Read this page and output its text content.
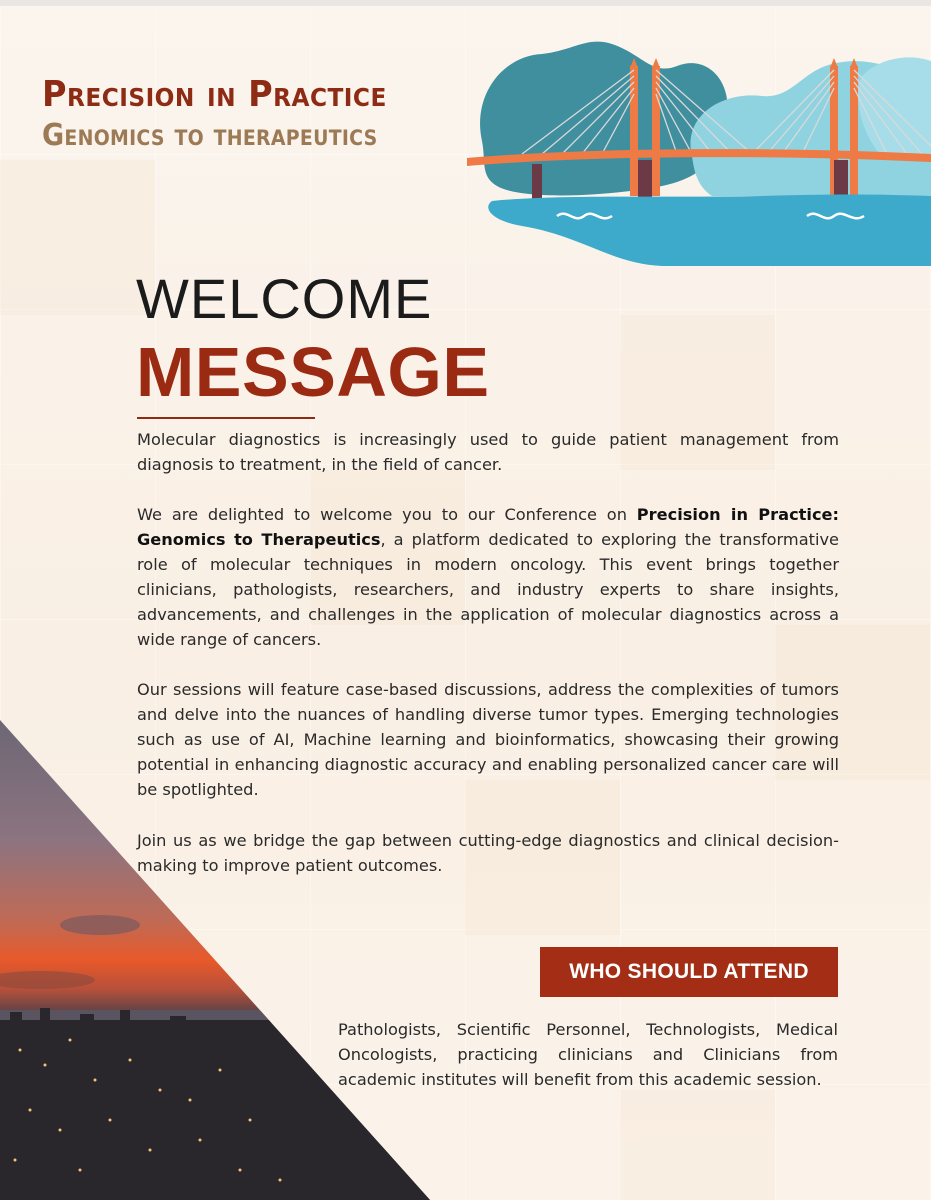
Precision in Practice
Genomics to therapeutics
WELCOME
MESSAGE

Molecular diagnostics is increasingly used to guide patient management from diagnosis to treatment, in the field of cancer.

We are delighted to welcome you to our Conference on Precision in Practice: Genomics to Therapeutics, a platform dedicated to exploring the transformative role of molecular techniques in modern oncology. This event brings together clinicians, pathologists, researchers, and industry experts to share insights, advancements, and challenges in the application of molecular diagnostics across a wide range of cancers.

Our sessions will feature case-based discussions, address the complexities of tumors and delve into the nuances of handling diverse tumor types. Emerging technologies such as use of AI, Machine learning and bioinformatics, showcasing their growing potential in enhancing diagnostic accuracy and enabling personalized cancer care will be spotlighted.

Join us as we bridge the gap between cutting-edge diagnostics and clinical decision-making to improve patient outcomes.

WHO SHOULD ATTEND

Pathologists, Scientific Personnel, Technologists, Medical Oncologists, practicing clinicians and Clinicians from academic institutes will benefit from this academic session.
